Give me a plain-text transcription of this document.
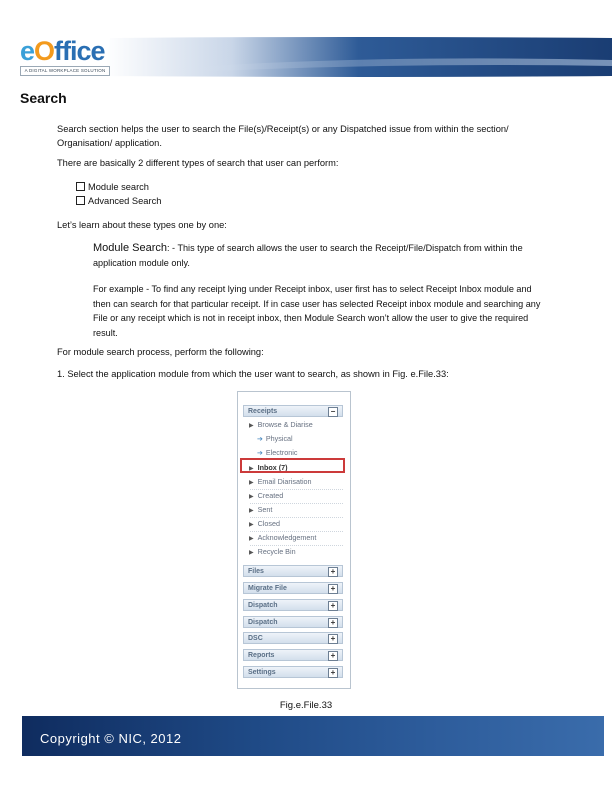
eOffice
A DIGITAL WORKPLACE SOLUTION
Search
Search section helps the user to search the File(s)/Receipt(s) or any Dispatched issue from within the section/
Organisation/ application.
There are basically 2 different types of search that user can perform:
Module search
Advanced Search
Let’s learn about these types one by one:
Module Search: - This type of search allows the user to search the Receipt/File/Dispatch from within the
application module only.
For example - To find any receipt lying under Receipt inbox, user first has to select Receipt Inbox module and
then can search for that particular receipt. If in case user has selected Receipt inbox module and searching any
File or any receipt which is not in receipt inbox, then Module Search won’t allow the user to give the required
result.
For module search process, perform the following:
1. Select the application module from which the user want to search, as shown in Fig. e.File.33:
Receipts	−
▶ Browse & Diarise
➔ Physical
➔ Electronic
▶ Inbox (7)
▶ Email Diarisation
▶ Created
▶ Sent
▶ Closed
▶ Acknowledgement
▶ Recycle Bin
Files	+
Migrate File	+
Dispatch	+
Dispatch	+
DSC	+
Reports	+
Settings	+
Fig.e.File.33
Copyright © NIC, 2012
